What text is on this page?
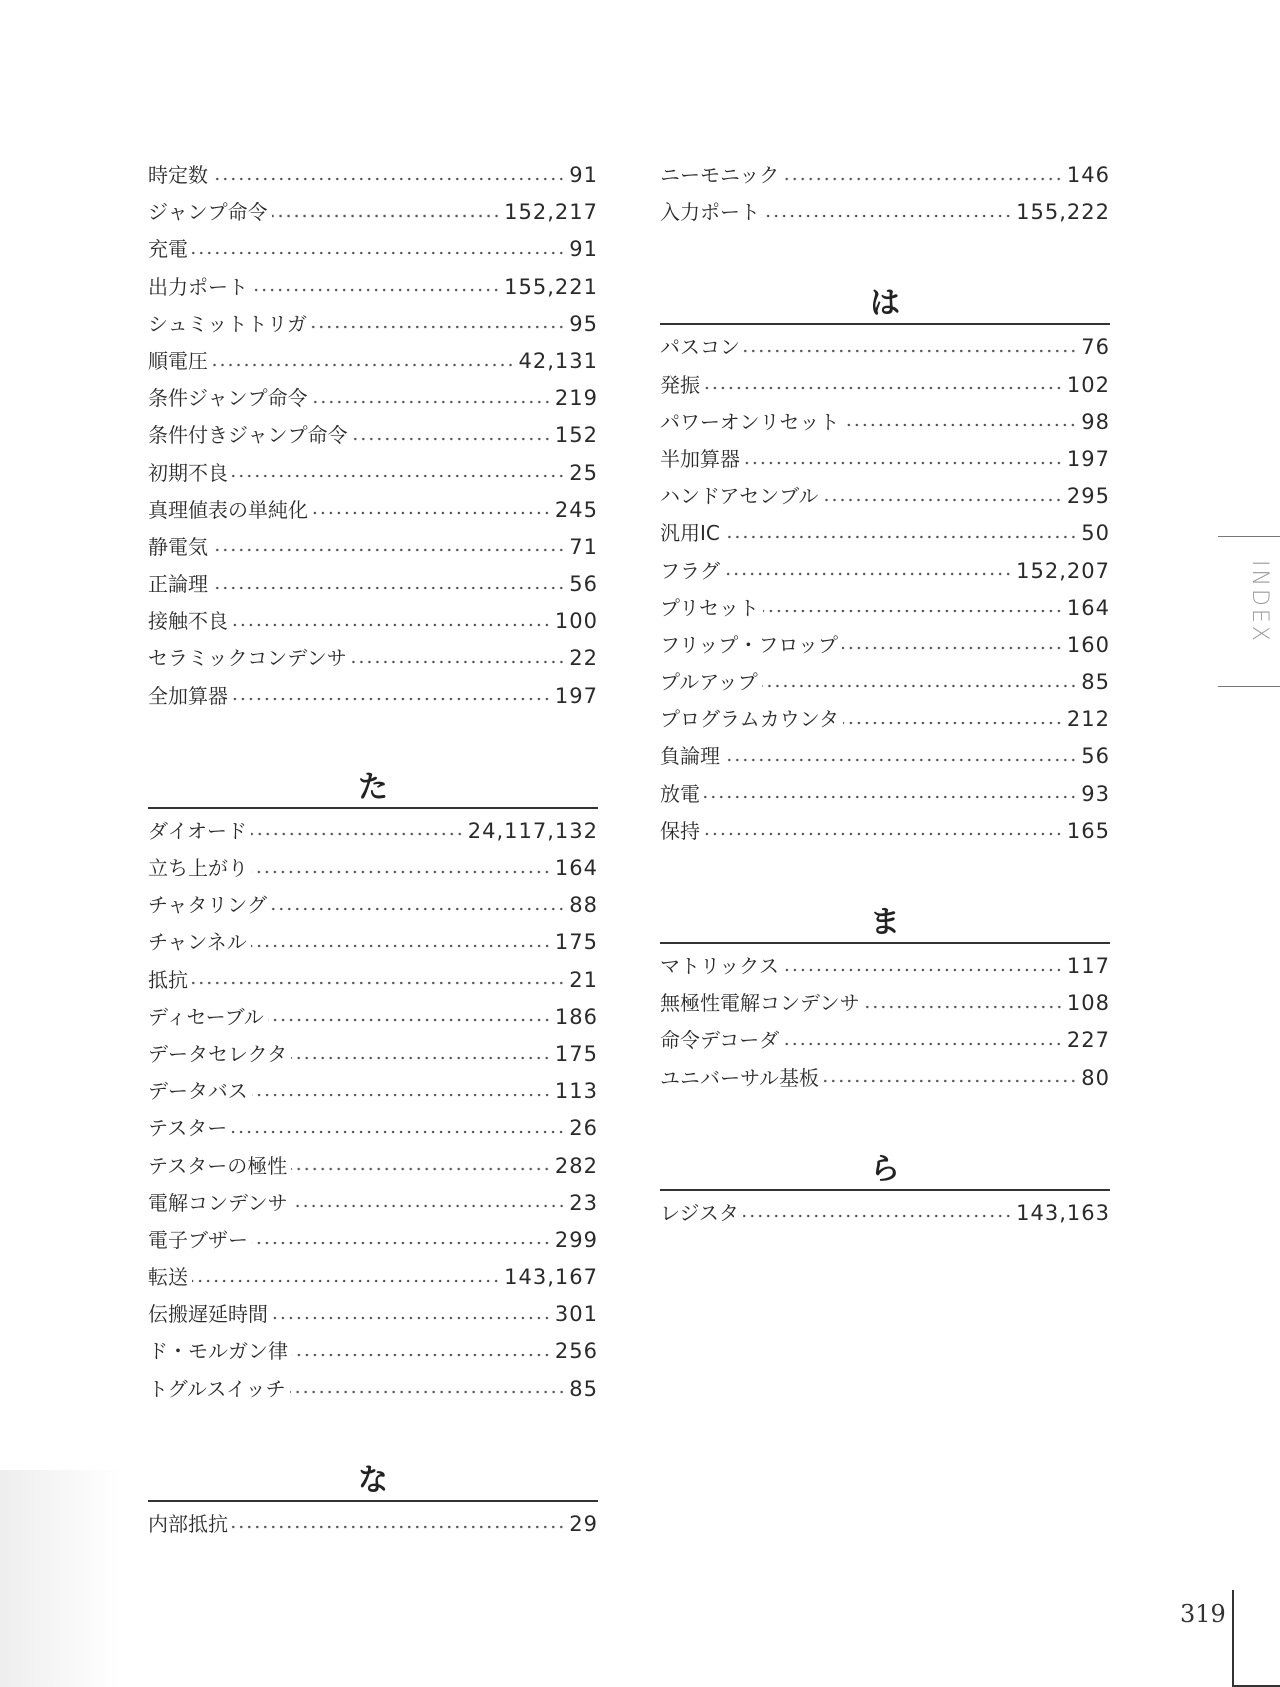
時定数	91
ジャンプ命令	152,217
充電	91
出力ポート	155,221
シュミットトリガ	95
順電圧	42,131
条件ジャンプ命令	219
条件付きジャンプ命令	152
初期不良	25
真理値表の単純化	245
静電気	71
正論理	56
接触不良	100
セラミックコンデンサ	22
全加算器	197
た
ダイオード	24,117,132
立ち上がり	164
チャタリング	88
チャンネル	175
抵抗	21
ディセーブル	186
データセレクタ	175
データバス	113
テスター	26
テスターの極性	282
電解コンデンサ	23
電子ブザー	299
転送	143,167
伝搬遅延時間	301
ド・モルガン律	256
トグルスイッチ	85
な
内部抵抗	29
ニーモニック	146
入力ポート	155,222
は
パスコン	76
発振	102
パワーオンリセット	98
半加算器	197
ハンドアセンブル	295
汎用IC	50
フラグ	152,207
プリセット	164
フリップ・フロップ	160
プルアップ	85
プログラムカウンタ	212
負論理	56
放電	93
保持	165
ま
マトリックス	117
無極性電解コンデンサ	108
命令デコーダ	227
ユニバーサル基板	80
ら
レジスタ	143,163
INDEX
319
